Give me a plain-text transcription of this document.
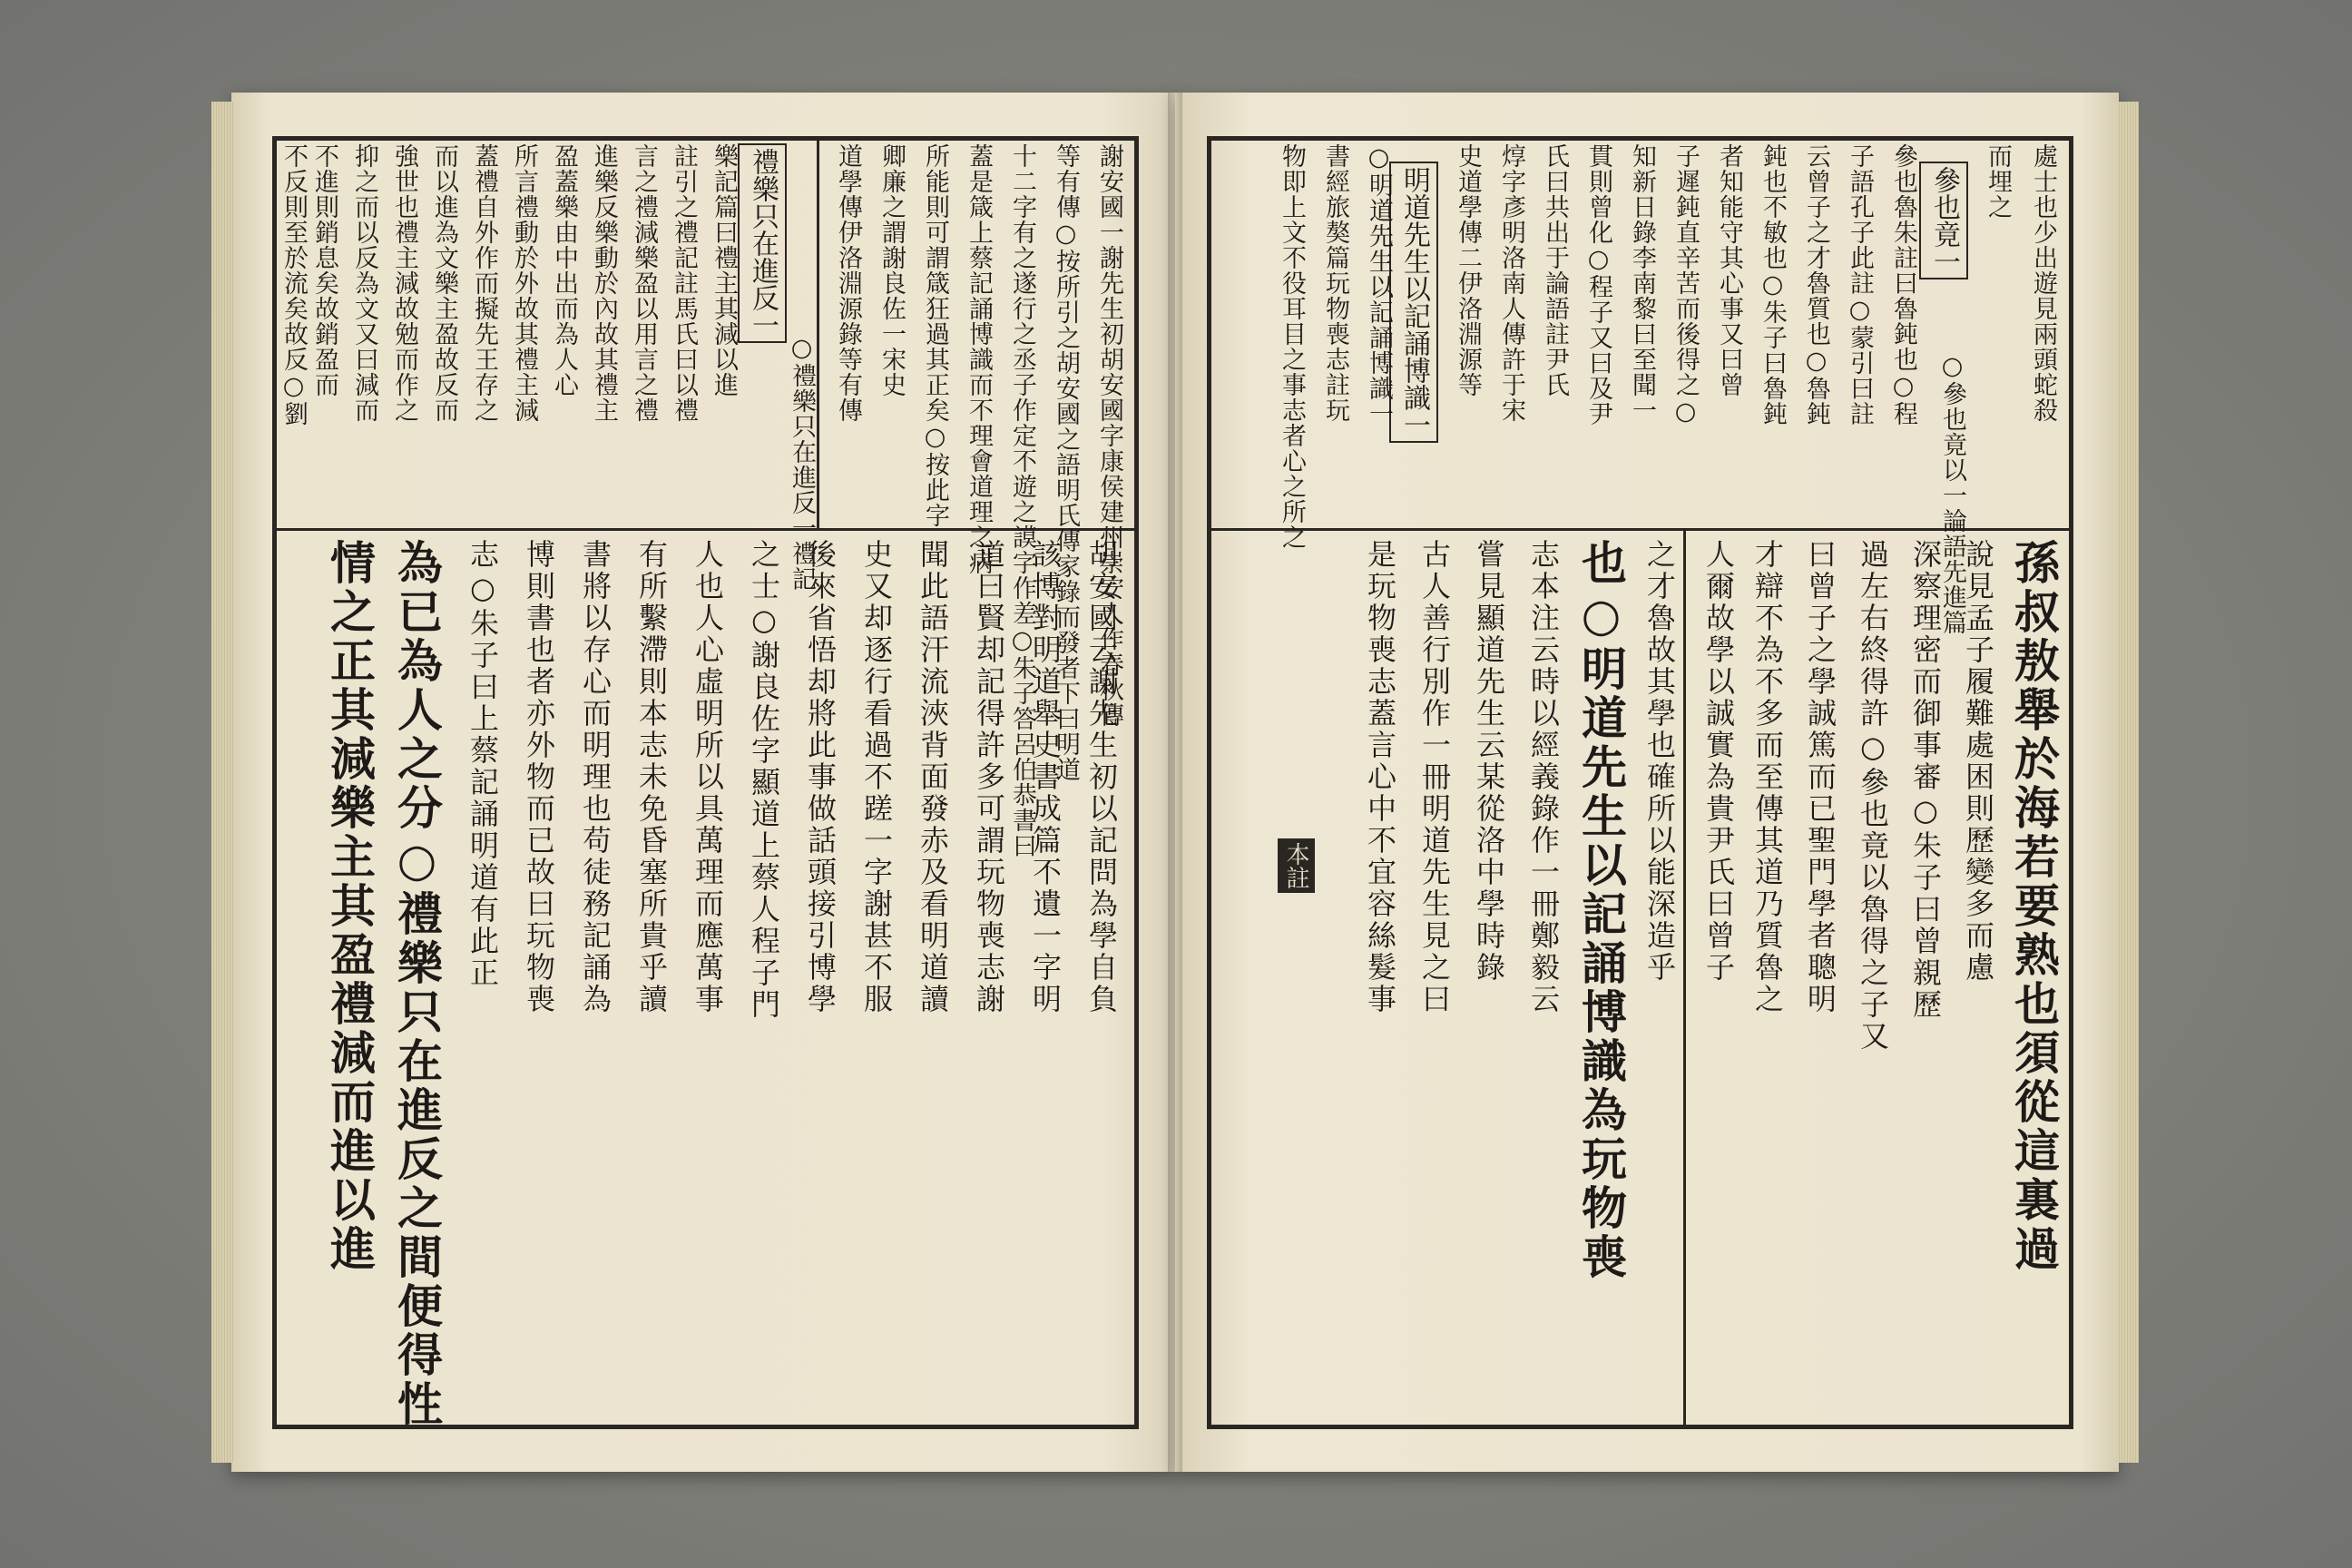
謝安國一謝先生初胡安國字康侯建州崇安人作春秋傳
等有傳○按所引之胡安國之語明氏傳家錄而發者下曰明道
十二字有之遂行之丞子作定不遊之謨字作差○朱子答呂伯恭書曰
蓋是箴上蔡記誦博識而不理會道理之病
所能則可謂箴狂過其正矣○按此字
卿廉之謂謝良佐一宋史
道學傳伊洛淵源錄等有傳
禮樂只在進反一
○禮樂只在進反一禮記
樂記篇曰禮主其減以進
註引之禮記註馬氏曰以禮
言之禮減樂盈以用言之禮
進樂反樂動於內故其禮主
盈蓋樂由中出而為人心
所言禮動於外故其禮主減
蓋禮自外作而擬先王存之
而以進為文樂主盈故反而
強世也禮主減故勉而作之
抑之而以反為文又曰減而
不進則銷息矣故銷盈而
不反則至於流矣故反○劉
胡安國云謝先生初以記問為學自負
該博對明道舉史書成篇不遺一字明
道曰賢却記得許多可謂玩物喪志謝
聞此語汗流浹背面發赤及看明道讀
史又却逐行看過不蹉一字謝甚不服
後來省悟却將此事做話頭接引博學
之士○謝良佐字顯道上蔡人程子門
人也人心虛明所以具萬理而應萬事
有所繫滯則本志未免昏塞所貴乎讀
書將以存心而明理也苟徒務記誦為
博則書也者亦外物而已故曰玩物喪
志○朱子曰上蔡記誦明道有此正
為已為人之分○禮樂只在進反之間便得性
情之正其減樂主其盈禮減而進以進
處士也少出遊見兩頭蛇殺
而埋之
參也竟一
○參也竟以一論語先進篇
參也魯朱註曰魯鈍也○程
子語孔子此註○蒙引曰註
云曾子之才魯質也○魯鈍
鈍也不敏也○朱子曰魯鈍
者知能守其心事又曰曾
子遲鈍直辛苦而後得之○
知新日錄李南黎曰至聞一
貫則曾化○程子又曰及尹
氏曰共出于論語註尹氏
焞字彥明洛南人傳許于宋
史道學傳二伊洛淵源等
明道先生以記誦博識一
○明道先生以記誦博識一
書經旅獒篇玩物喪志註玩
物即上文不役耳目之事志者心之所之
孫叔敖舉於海若要熟也須從這裏過
說見孟子履難處困則歷變多而慮
深察理密而御事審○朱子曰曾親歷
過左右終得許○參也竟以魯得之子又
曰曾子之學誠篤而已聖門學者聰明
才辯不為不多而至傳其道乃質魯之
人爾故學以誠實為貴尹氏曰曾子
之才魯故其學也確所以能深造乎
也○明道先生以記誦博識為玩物喪
志本注云時以經義錄作一冊鄭毅云
嘗見顯道先生云某從洛中學時錄
古人善行別作一冊明道先生見之曰
是玩物喪志蓋言心中不宜容絲髮事
本註
